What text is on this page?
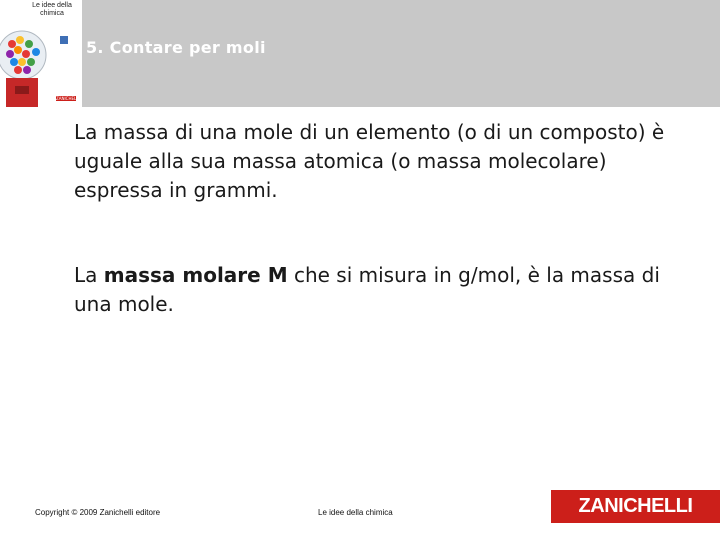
Le idee della chimica
ZANICHELLI
5. Contare per moli

La massa di una mole di un elemento (o di un composto) è uguale alla sua massa atomica (o massa molecolare) espressa in grammi.

La massa molare M che si misura in g/mol, è la massa di una mole.

Copyright © 2009 Zanichelli editore	Le idee della chimica	ZANICHELLI
